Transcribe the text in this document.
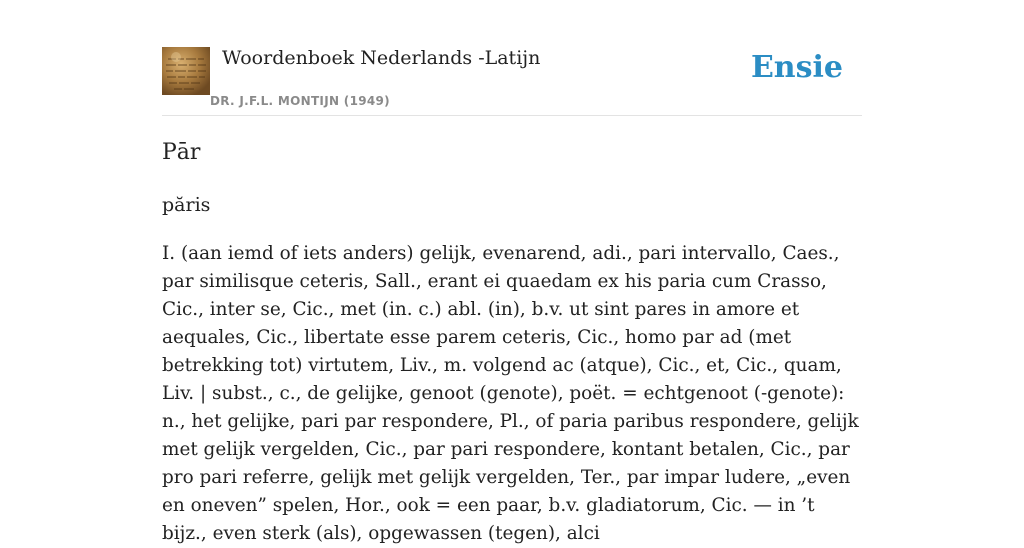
Woordenboek Nederlands -Latijn
DR. J.F.L. MONTIJN (1949)
Ensie
Pār
pări̇s

I. (aan iemd of iets anders) gelijk, evenarend, adi., pari intervallo, Caes., par similisque ceteris, Sall., erant ei quaedam ex his paria cum Crasso, Cic., inter se, Cic., met (in. c.) abl. (in), b.v. ut sint pares in amore et aequales, Cic., libertate esse parem ceteris, Cic., homo par ad (met betrekking tot) virtutem, Liv., m. volgend ac (atque), Cic., et, Cic., quam, Liv. | subst., c., de gelijke, genoot (genote), poët. = echtgenoot (-genote): n., het gelijke, pari par respondere, Pl., of paria paribus respondere, gelijk met gelijk vergelden, Cic., par pari respondere, kontant betalen, Cic., par pro pari referre, gelijk met gelijk vergelden, Ter., par impar ludere, „even en oneven” spelen, Hor., ook = een paar, b.v. gladiatorum, Cic. — in ’t bijz., even sterk (als), opgewassen (tegen), alci
